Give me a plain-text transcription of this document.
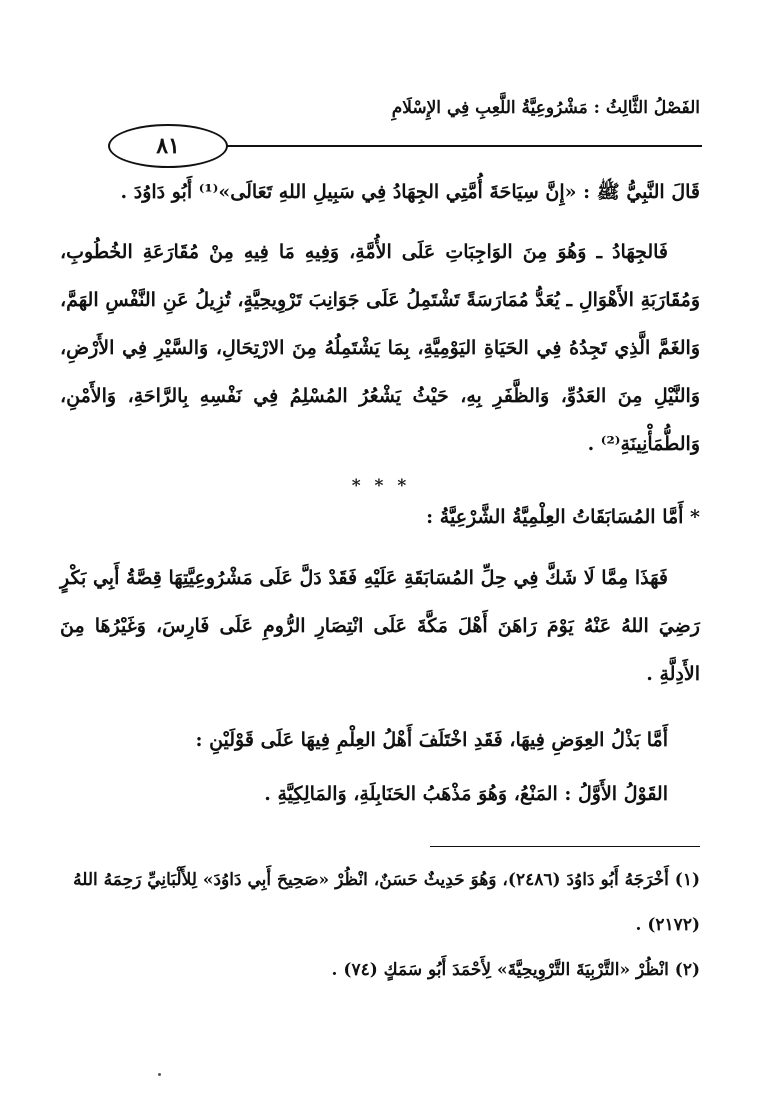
الفَصْلُ الثَّالِثُ : مَشْرُوعِيَّةُ اللَّعِبِ فِي الإِسْلَامِ
٨١
قَالَ النَّبِيُّ ﷺ : «إِنَّ سِيَاحَةَ أُمَّتِي الجِهَادُ فِي سَبِيلِ اللهِ تَعَالَى»⁽¹⁾ أَبُو دَاوُدَ .
فَالجِهَادُ ـ وَهُوَ مِنَ الوَاجِبَاتِ عَلَى الأُمَّةِ، وَفِيهِ مَا فِيهِ مِنْ مُقَارَعَةِ الخُطُوبِ، وَمُقَارَبَةِ الأَهْوَالِ ـ يُعَدُّ مُمَارَسَةً تَشْتَمِلُ عَلَى جَوَانِبَ تَرْوِيحِيَّةٍ، تُزِيلُ عَنِ النَّفْسِ الهَمَّ، وَالغَمَّ الَّذِي تَجِدُهُ فِي الحَيَاةِ اليَوْمِيَّةِ، بِمَا يَشْتَمِلُهُ مِنَ الارْتِحَالِ، وَالسَّيْرِ فِي الأَرْضِ، وَالنَّيْلِ مِنَ العَدُوِّ، وَالظَّفَرِ بِهِ، حَيْثُ يَشْعُرُ المُسْلِمُ فِي نَفْسِهِ بِالرَّاحَةِ، وَالأَمْنِ، وَالطُّمَأْنِينَةِ⁽²⁾ .
* * *
* أَمَّا المُسَابَقَاتُ العِلْمِيَّةُ الشَّرْعِيَّةُ :
فَهَذَا مِمَّا لَا شَكَّ فِي حِلِّ المُسَابَقَةِ عَلَيْهِ فَقَدْ دَلَّ عَلَى مَشْرُوعِيَّتِهَا قِصَّةُ أَبِي بَكْرٍ رَضِيَ اللهُ عَنْهُ يَوْمَ رَاهَنَ أَهْلَ مَكَّةَ عَلَى انْتِصَارِ الرُّومِ عَلَى فَارِسَ، وَغَيْرُهَا مِنَ الأَدِلَّةِ .
أَمَّا بَذْلُ العِوَضِ فِيهَا، فَقَدِ اخْتَلَفَ أَهْلُ العِلْمِ فِيهَا عَلَى قَوْلَيْنِ :
القَوْلُ الأَوَّلُ : المَنْعُ، وَهُوَ مَذْهَبُ الحَنَابِلَةِ، وَالمَالِكِيَّةِ .

(١) أَخْرَجَهُ أَبُو دَاوُدَ (٢٤٨٦)، وَهُوَ حَدِيثٌ حَسَنٌ، انْظُرْ «صَحِيحَ أَبِي دَاوُدَ» لِلأَلْبَانِيِّ رَحِمَهُ اللهُ (٢١٧٢) .

(٢) انْظُرْ «التَّرْبِيَةَ التَّرْوِيحِيَّةَ» لِأَحْمَدَ أَبُو سَمَكٍ (٧٤) .
